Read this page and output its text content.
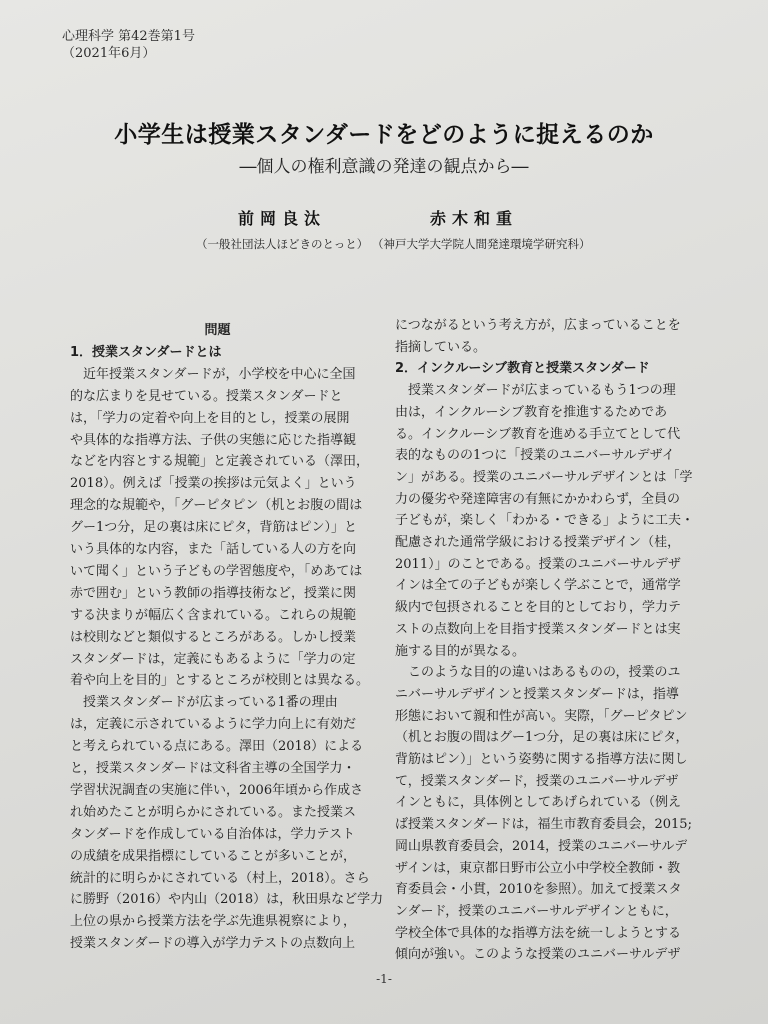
心理科学 第42巻第1号
（2021年6月）
小学生は授業スタンダードをどのように捉えるのか
―個人の権利意識の発達の観点から―
前岡良汰	赤木和重
（一般社団法人ほどきのとっと） （神戸大学大学院人間発達環境学研究科）
問題
1．授業スタンダードとは
　近年授業スタンダードが，小学校を中心に全国
的な広まりを見せている。授業スタンダードと
は，「学力の定着や向上を目的とし，授業の展開
や具体的な指導方法、子供の実態に応じた指導観
などを内容とする規範」と定義されている（澤田，
2018）。例えば「授業の挨拶は元気よく」という
理念的な規範や，「グーピタピン（机とお腹の間は
グー1つ分，足の裏は床にピタ，背筋はピン）」と
いう具体的な内容，また「話している人の方を向
いて聞く」という子どもの学習態度や，「めあては
赤で囲む」という教師の指導技術など，授業に関
する決まりが幅広く含まれている。これらの規範
は校則などと類似するところがある。しかし授業
スタンダードは，定義にもあるように「学力の定
着や向上を目的」とするところが校則とは異なる。
　授業スタンダードが広まっている1番の理由
は，定義に示されているように学力向上に有効だ
と考えられている点にある。澤田（2018）による
と，授業スタンダードは文科省主導の全国学力・
学習状況調査の実施に伴い，2006年頃から作成さ
れ始めたことが明らかにされている。また授業ス
タンダードを作成している自治体は，学力テスト
の成績を成果指標にしていることが多いことが，
統計的に明らかにされている（村上，2018）。さら
に勝野（2016）や内山（2018）は，秋田県など学力
上位の県から授業方法を学ぶ先進県視察により，
授業スタンダードの導入が学力テストの点数向上
につながるという考え方が，広まっていることを
指摘している。
2．インクルーシブ教育と授業スタンダード
　授業スタンダードが広まっているもう1つの理
由は，インクルーシブ教育を推進するためであ
る。インクルーシブ教育を進める手立てとして代
表的なものの1つに「授業のユニバーサルデザイ
ン」がある。授業のユニバーサルデザインとは「学
力の優劣や発達障害の有無にかかわらず，全員の
子どもが，楽しく「わかる・できる」ように工夫・
配慮された通常学級における授業デザイン（桂，
2011）」のことである。授業のユニバーサルデザ
インは全ての子どもが楽しく学ぶことで，通常学
級内で包摂されることを目的としており，学力テ
ストの点数向上を目指す授業スタンダードとは実
施する目的が異なる。
　このような目的の違いはあるものの，授業のユ
ニバーサルデザインと授業スタンダードは，指導
形態において親和性が高い。実際，「グーピタピン
（机とお腹の間はグー1つ分，足の裏は床にピタ，
背筋はピン）」という姿勢に関する指導方法に関し
て，授業スタンダード，授業のユニバーサルデザ
インともに，具体例としてあげられている（例え
ば授業スタンダードは，福生市教育委員会，2015;
岡山県教育委員会，2014，授業のユニバーサルデ
ザインは，東京都日野市公立小中学校全教師・教
育委員会・小貫，2010を参照）。加えて授業スタ
ンダード，授業のユニバーサルデザインともに，
学校全体で具体的な指導方法を統一しようとする
傾向が強い。このような授業のユニバーサルデザ
-1-
